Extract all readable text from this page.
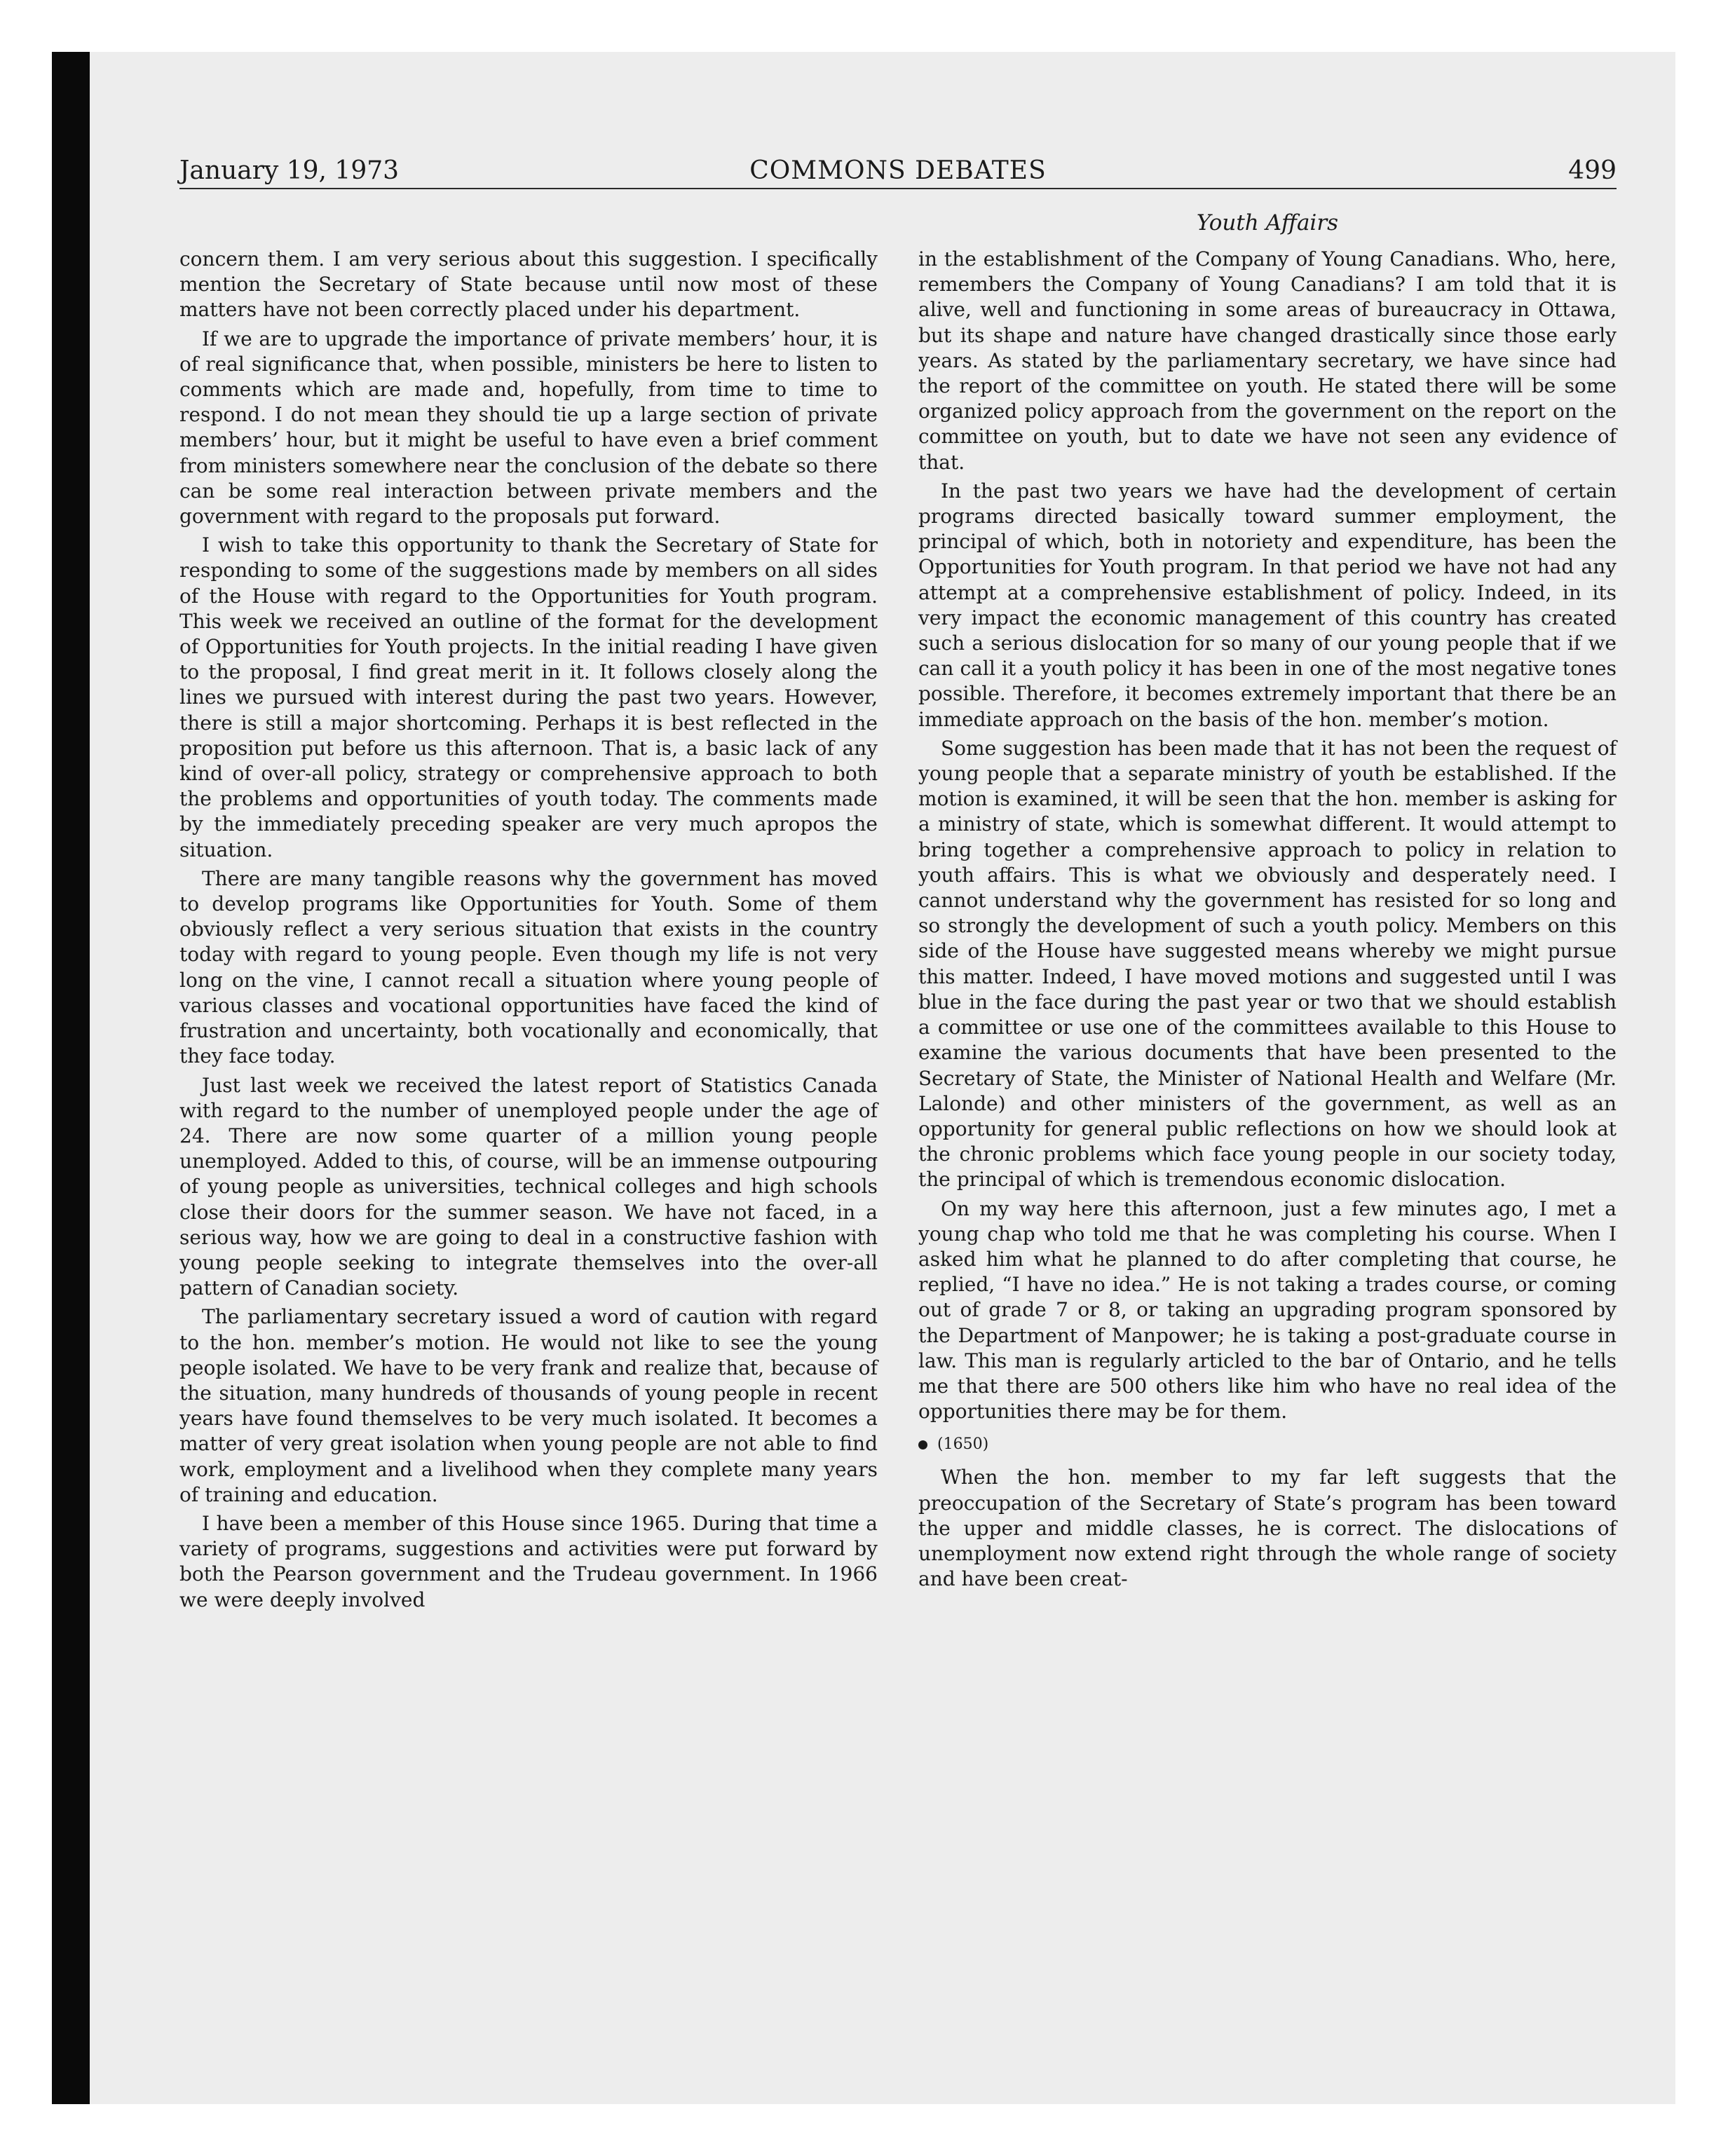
January 19, 1973	COMMONS DEBATES	499
Youth Affairs

concern them. I am very serious about this suggestion. I specifically mention the Secretary of State because until now most of these matters have not been correctly placed under his department.

If we are to upgrade the importance of private members’ hour, it is of real significance that, when possible, ministers be here to listen to comments which are made and, hopefully, from time to time to respond. I do not mean they should tie up a large section of private members’ hour, but it might be useful to have even a brief comment from ministers somewhere near the conclusion of the debate so there can be some real interaction between private members and the government with regard to the proposals put forward.

I wish to take this opportunity to thank the Secretary of State for responding to some of the suggestions made by members on all sides of the House with regard to the Opportunities for Youth program. This week we received an outline of the format for the development of Opportunities for Youth projects. In the initial reading I have given to the proposal, I find great merit in it. It follows closely along the lines we pursued with interest during the past two years. However, there is still a major shortcoming. Perhaps it is best reflected in the proposition put before us this afternoon. That is, a basic lack of any kind of over-all policy, strategy or comprehensive approach to both the problems and opportunities of youth today. The comments made by the immediately preceding speaker are very much apropos the situation.

There are many tangible reasons why the government has moved to develop programs like Opportunities for Youth. Some of them obviously reflect a very serious situation that exists in the country today with regard to young people. Even though my life is not very long on the vine, I cannot recall a situation where young people of various classes and vocational opportunities have faced the kind of frustration and uncertainty, both vocationally and economically, that they face today.

Just last week we received the latest report of Statistics Canada with regard to the number of unemployed people under the age of 24. There are now some quarter of a million young people unemployed. Added to this, of course, will be an immense outpouring of young people as universities, technical colleges and high schools close their doors for the summer season. We have not faced, in a serious way, how we are going to deal in a constructive fashion with young people seeking to integrate themselves into the over-all pattern of Canadian society.

The parliamentary secretary issued a word of caution with regard to the hon. member’s motion. He would not like to see the young people isolated. We have to be very frank and realize that, because of the situation, many hundreds of thousands of young people in recent years have found themselves to be very much isolated. It becomes a matter of very great isolation when young people are not able to find work, employment and a livelihood when they complete many years of training and education.

I have been a member of this House since 1965. During that time a variety of programs, suggestions and activities were put forward by both the Pearson government and the Trudeau government. In 1966 we were deeply involved

in the establishment of the Company of Young Canadians. Who, here, remembers the Company of Young Canadians? I am told that it is alive, well and functioning in some areas of bureaucracy in Ottawa, but its shape and nature have changed drastically since those early years. As stated by the parliamentary secretary, we have since had the report of the committee on youth. He stated there will be some organized policy approach from the government on the report on the committee on youth, but to date we have not seen any evidence of that.

In the past two years we have had the development of certain programs directed basically toward summer employment, the principal of which, both in notoriety and expenditure, has been the Opportunities for Youth program. In that period we have not had any attempt at a comprehensive establishment of policy. Indeed, in its very impact the economic management of this country has created such a serious dislocation for so many of our young people that if we can call it a youth policy it has been in one of the most negative tones possible. Therefore, it becomes extremely important that there be an immediate approach on the basis of the hon. member’s motion.

Some suggestion has been made that it has not been the request of young people that a separate ministry of youth be established. If the motion is examined, it will be seen that the hon. member is asking for a ministry of state, which is somewhat different. It would attempt to bring together a comprehensive approach to policy in relation to youth affairs. This is what we obviously and desperately need. I cannot understand why the government has resisted for so long and so strongly the development of such a youth policy. Members on this side of the House have suggested means whereby we might pursue this matter. Indeed, I have moved motions and suggested until I was blue in the face during the past year or two that we should establish a committee or use one of the committees available to this House to examine the various documents that have been presented to the Secretary of State, the Minister of National Health and Welfare (Mr. Lalonde) and other ministers of the government, as well as an opportunity for general public reflections on how we should look at the chronic problems which face young people in our society today, the principal of which is tremendous economic dislocation.

On my way here this afternoon, just a few minutes ago, I met a young chap who told me that he was completing his course. When I asked him what he planned to do after completing that course, he replied, “I have no idea.” He is not taking a trades course, or coming out of grade 7 or 8, or taking an upgrading program sponsored by the Department of Manpower; he is taking a post-graduate course in law. This man is regularly articled to the bar of Ontario, and he tells me that there are 500 others like him who have no real idea of the opportunities there may be for them.

(1650)

When the hon. member to my far left suggests that the preoccupation of the Secretary of State’s program has been toward the upper and middle classes, he is correct. The dislocations of unemployment now extend right through the whole range of society and have been creat-
